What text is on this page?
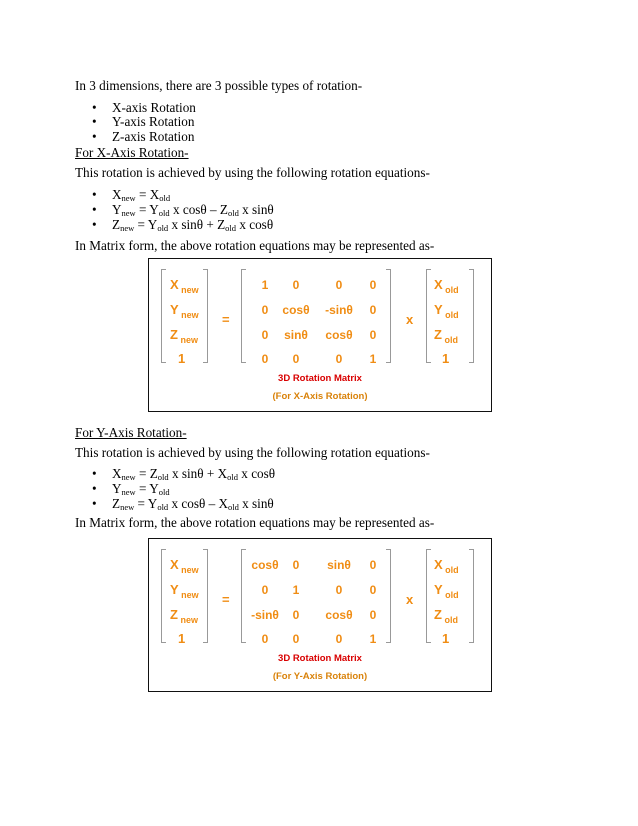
In 3 dimensions, there are 3 possible types of rotation-
• X-axis Rotation
• Y-axis Rotation
• Z-axis Rotation
For X-Axis Rotation-
This rotation is achieved by using the following rotation equations-
• $X_{new} = X_{old}$
• $Y_{new} = Y_{old}$ x cosθ – $Z_{old}$ x sinθ
• $Z_{new} = Y_{old}$ x $\sin\theta + Z_{old}$ x cosθ
In Matrix form, the above rotation equations may be represented as-
3D Rotation Matrix
(For X-Axis Rotation)
X $_{new}$
Y $_{new}$
Z $_{new}$
1
=
1	0	0	0
0	cosθ	-sinθ	0
0	sinθ	cosθ	0
0	0	0	1
x
X $_{old}$
Y $_{old}$
Z $_{old}$
1
For Y-Axis Rotation-
This rotation is achieved by using the following rotation equations-
• $X_{new} = Z_{old}$ x $\sin\theta + X_{old}$ x cosθ
• $Y_{new} = Y_{old}$
• $Z_{new} = Y_{old}$ x cosθ – $X_{old}$ x sinθ
In Matrix form, the above rotation equations may be represented as-
3D Rotation Matrix
(For Y-Axis Rotation)
X $_{new}$
Y $_{new}$
Z $_{new}$
1
=
cosθ	0	sinθ	0
0	1	0	0
-sinθ	0	cosθ	0
0	0	0	1
x
X $_{old}$
Y $_{old}$
Z $_{old}$
1
